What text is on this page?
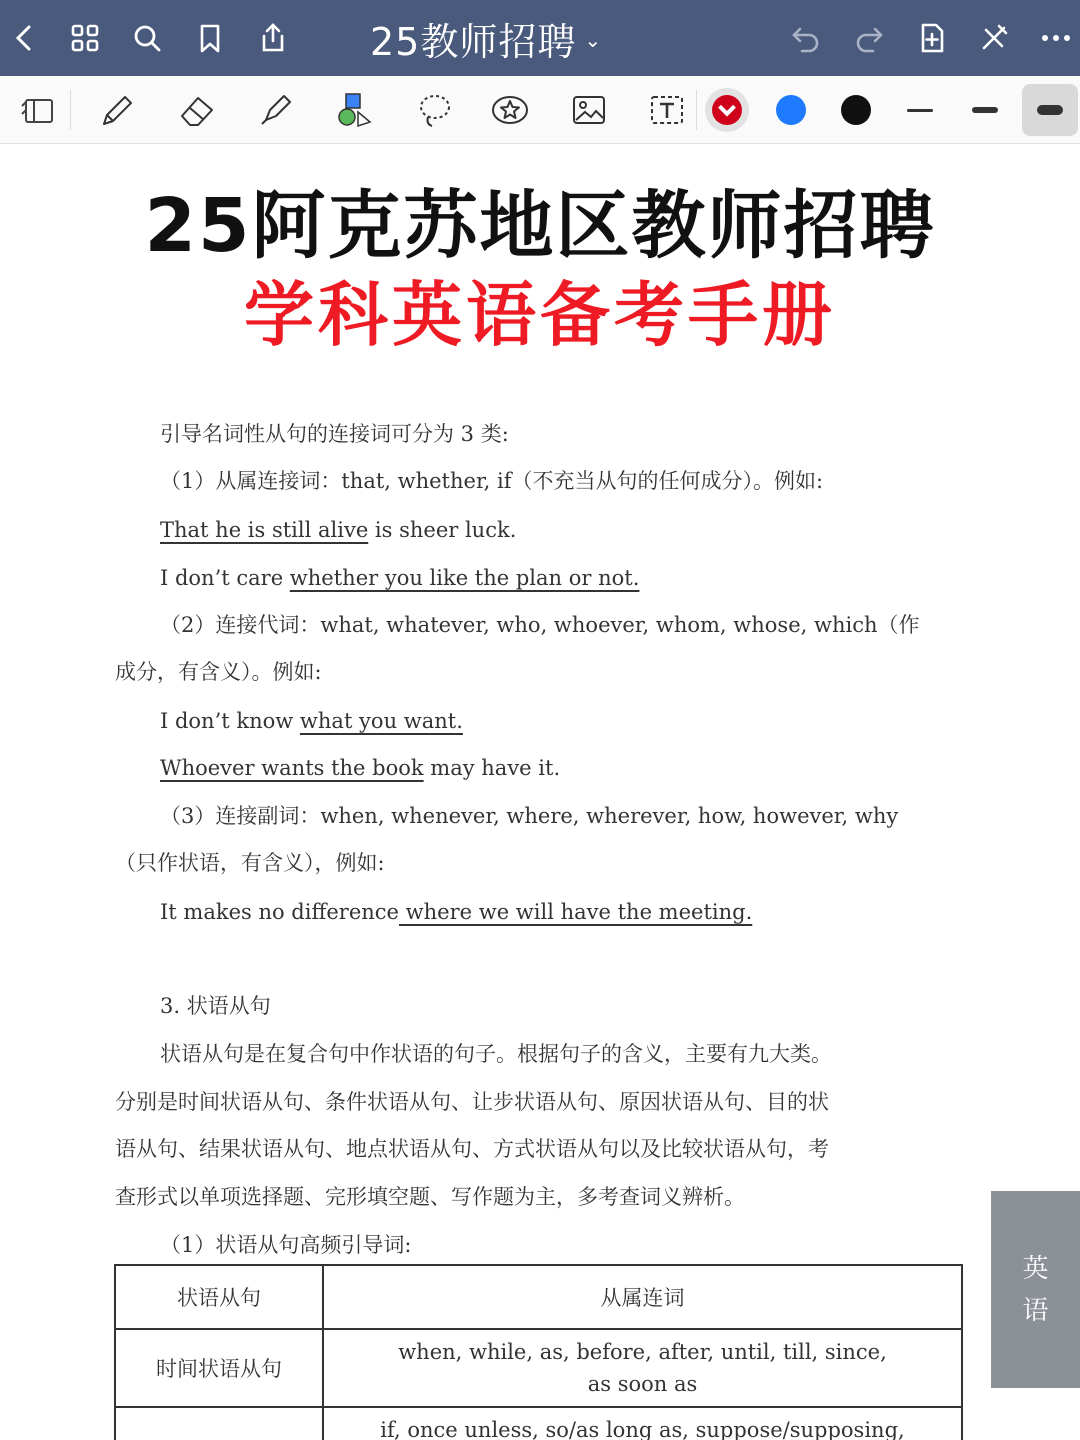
25教师招聘 ⌄
25阿克苏地区教师招聘
学科英语备考手册
引导名词性从句的连接词可分为 3 类:
（1）从属连接词：that, whether, if（不充当从句的任何成分）。例如:
That he is still alive is sheer luck.
I don’t care whether you like the plan or not.
（2）连接代词：what, whatever, who, whoever, whom, whose, which（作
成分，有含义）。例如:
I don’t know what you want.
Whoever wants the book may have it.
（3）连接副词：when, whenever, where, wherever, how, however, why
（只作状语，有含义），例如:
It makes no difference where we will have the meeting.
3. 状语从句
状语从句是在复合句中作状语的句子。根据句子的含义，主要有九大类。
分别是时间状语从句、条件状语从句、让步状语从句、原因状语从句、目的状
语从句、结果状语从句、地点状语从句、方式状语从句以及比较状语从句，考
查形式以单项选择题、完形填空题、写作题为主，多考查词义辨析。
（1）状语从句高频引导词:
状语从句	从属连词
时间状语从句	when, while, as, before, after, until, till, since,
as soon as

	if, once unless, so/as long as, suppose/supposing,
英
语
